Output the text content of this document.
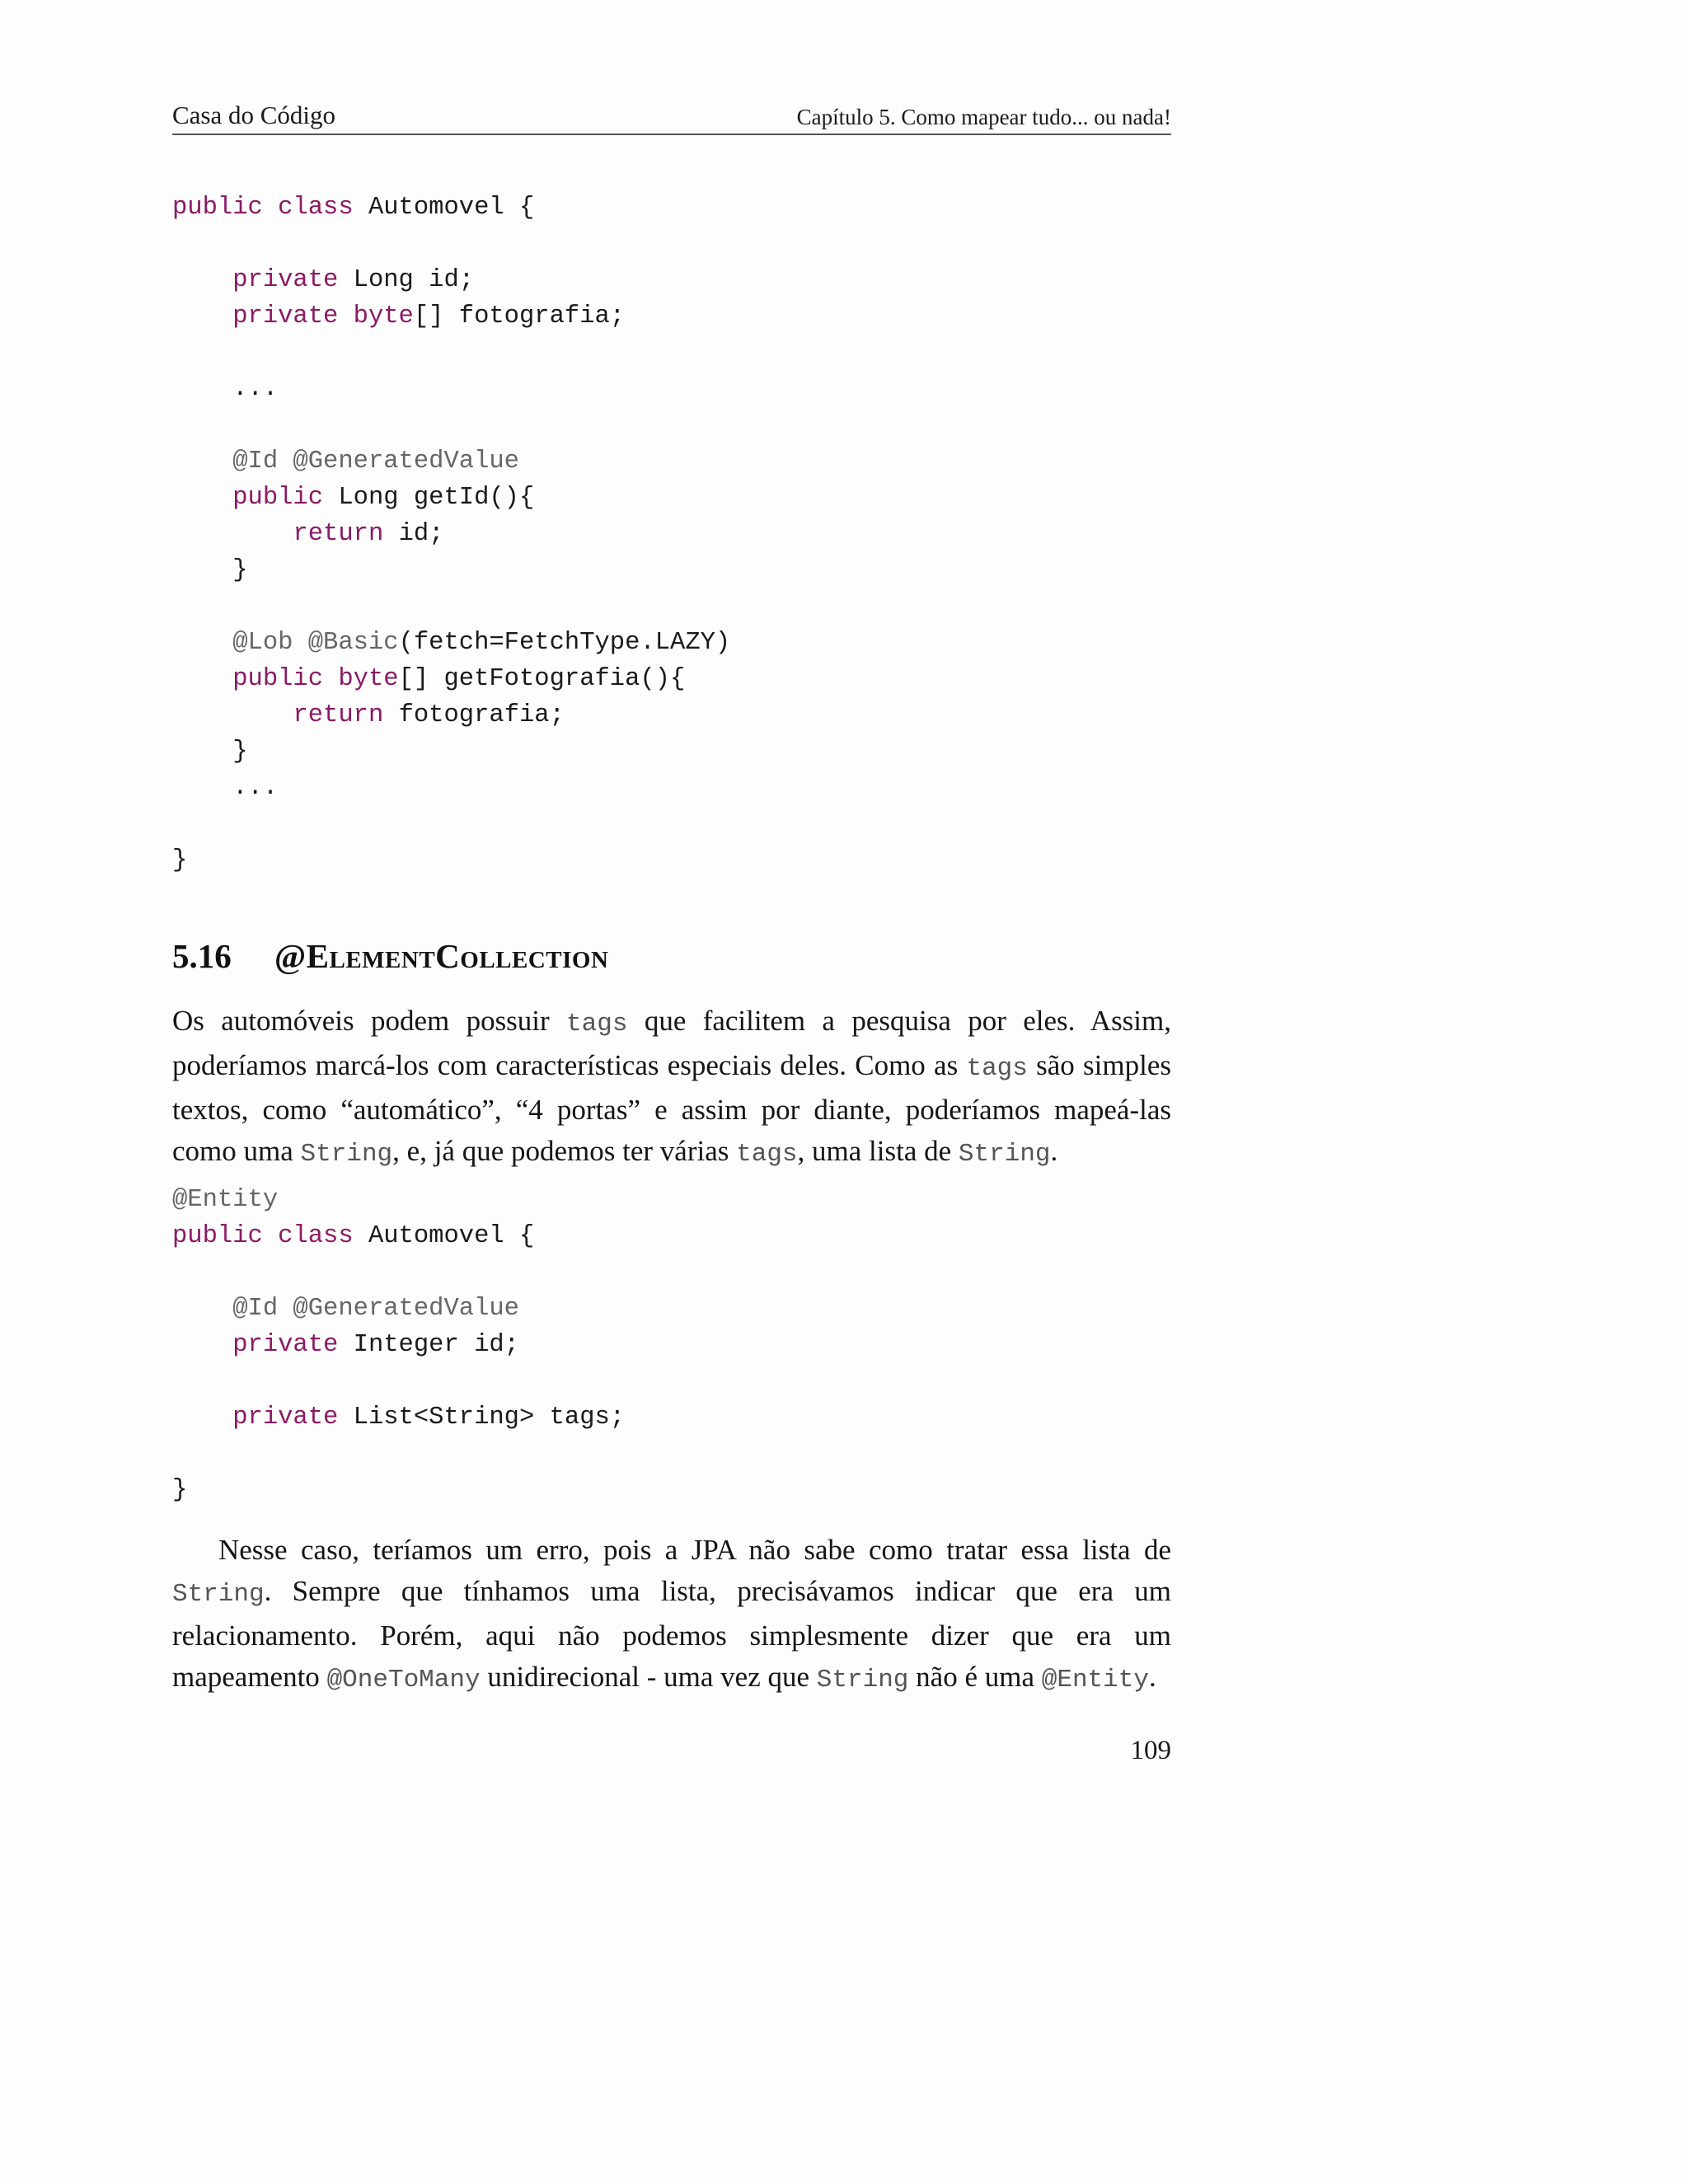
Casa do Código	Capítulo 5. Como mapear tudo... ou nada!
public class Automovel {
private Long id;
private byte[] fotografia;
...
@Id @GeneratedValue
public Long getId(){
return id;
}
@Lob @Basic(fetch=FetchType.LAZY)
public byte[] getFotografia(){
return fotografia;
}
...
}
5.16 @ElementCollection

Os automóveis podem possuir tags que facilitem a pesquisa por eles. Assim, poderíamos marcá-los com características especiais deles. Como as tags são simples textos, como “automático”, “4 portas” e assim por diante, poderíamos mapeá-las como uma String, e, já que podemos ter várias tags, uma lista de String.

@Entity
public class Automovel {
@Id @GeneratedValue
private Integer id;
private List<String> tags;
}

Nesse caso, teríamos um erro, pois a JPA não sabe como tratar essa lista de String. Sempre que tínhamos uma lista, precisávamos indicar que era um relacionamento. Porém, aqui não podemos simplesmente dizer que era um mapeamento @OneToMany unidirecional - uma vez que String não é uma @Entity.

109
